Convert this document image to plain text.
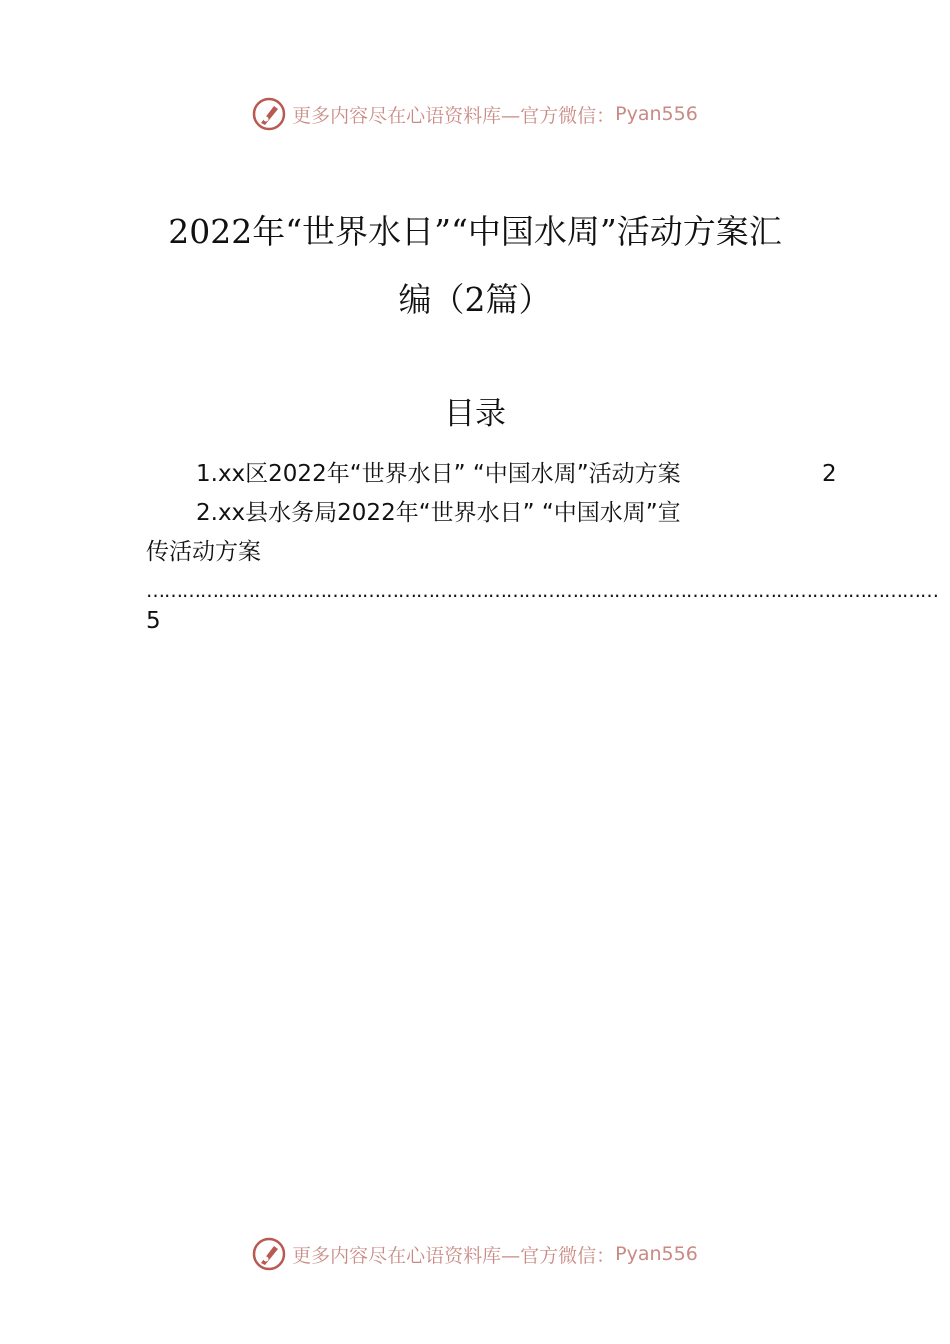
更多内容尽在心语资料库—官方微信： Pyan556
2022年“世界水日”“中国水周”活动方案汇
编（2篇）
目录
1.xx区2022年“世界水日” “中国水周”活动方案	2
2.xx县水务局2022年“世界水日” “中国水周”宣
传活动方案
……………………………………………………………………………………………………………………
5
更多内容尽在心语资料库—官方微信： Pyan556
